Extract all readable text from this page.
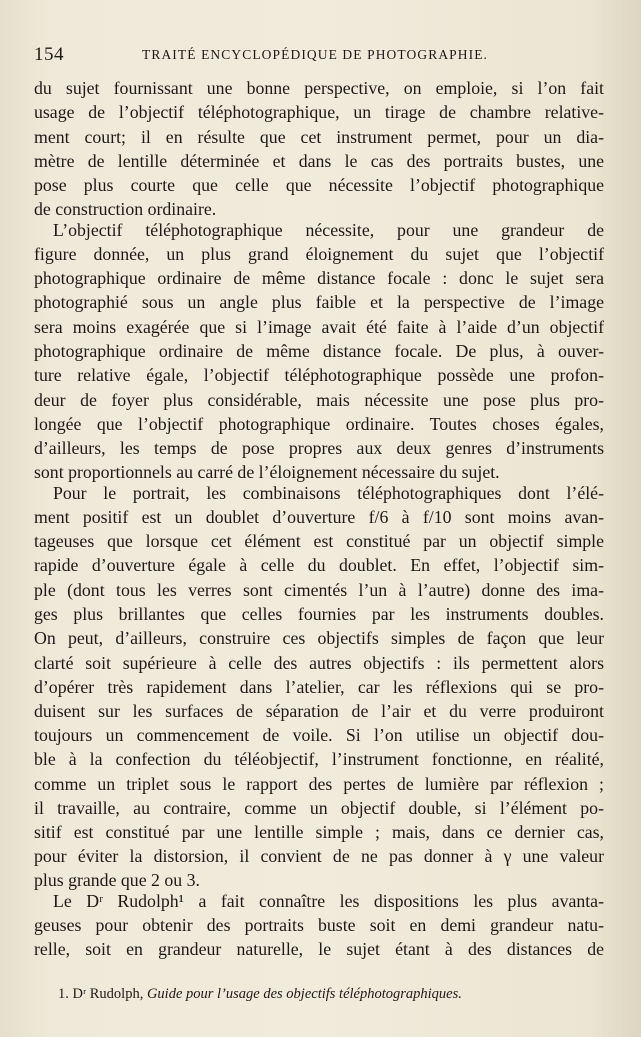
154	TRAITÉ ENCYCLOPÉDIQUE DE PHOTOGRAPHIE.
du sujet fournissant une bonne perspective, on emploie, si l’on fait
usage de l’objectif téléphotographique, un tirage de chambre relative-
ment court; il en résulte que cet instrument permet, pour un dia-
mètre de lentille déterminée et dans le cas des portraits bustes, une
pose plus courte que celle que nécessite l’objectif photographique
de construction ordinaire.
L’objectif téléphotographique nécessite, pour une grandeur de
figure donnée, un plus grand éloignement du sujet que l’objectif
photographique ordinaire de même distance focale : donc le sujet sera
photographié sous un angle plus faible et la perspective de l’image
sera moins exagérée que si l’image avait été faite à l’aide d’un objectif
photographique ordinaire de même distance focale. De plus, à ouver-
ture relative égale, l’objectif téléphotographique possède une profon-
deur de foyer plus considérable, mais nécessite une pose plus pro-
longée que l’objectif photographique ordinaire. Toutes choses égales,
d’ailleurs, les temps de pose propres aux deux genres d’instruments
sont proportionnels au carré de l’éloignement nécessaire du sujet.
Pour le portrait, les combinaisons téléphotographiques dont l’élé-
ment positif est un doublet d’ouverture f/6 à f/10 sont moins avan-
tageuses que lorsque cet élément est constitué par un objectif simple
rapide d’ouverture égale à celle du doublet. En effet, l’objectif sim-
ple (dont tous les verres sont cimentés l’un à l’autre) donne des ima-
ges plus brillantes que celles fournies par les instruments doubles.
On peut, d’ailleurs, construire ces objectifs simples de façon que leur
clarté soit supérieure à celle des autres objectifs : ils permettent alors
d’opérer très rapidement dans l’atelier, car les réflexions qui se pro-
duisent sur les surfaces de séparation de l’air et du verre produiront
toujours un commencement de voile. Si l’on utilise un objectif dou-
ble à la confection du téléobjectif, l’instrument fonctionne, en réalité,
comme un triplet sous le rapport des pertes de lumière par réflexion ;
il travaille, au contraire, comme un objectif double, si l’élément po-
sitif est constitué par une lentille simple ; mais, dans ce dernier cas,
pour éviter la distorsion, il convient de ne pas donner à γ une valeur
plus grande que 2 ou 3.
Le Dʳ Rudolph¹ a fait connaître les dispositions les plus avanta-
geuses pour obtenir des portraits buste soit en demi grandeur natu-
relle, soit en grandeur naturelle, le sujet étant à des distances de
1. Dʳ Rudolph, Guide pour l’usage des objectifs téléphotographiques.
